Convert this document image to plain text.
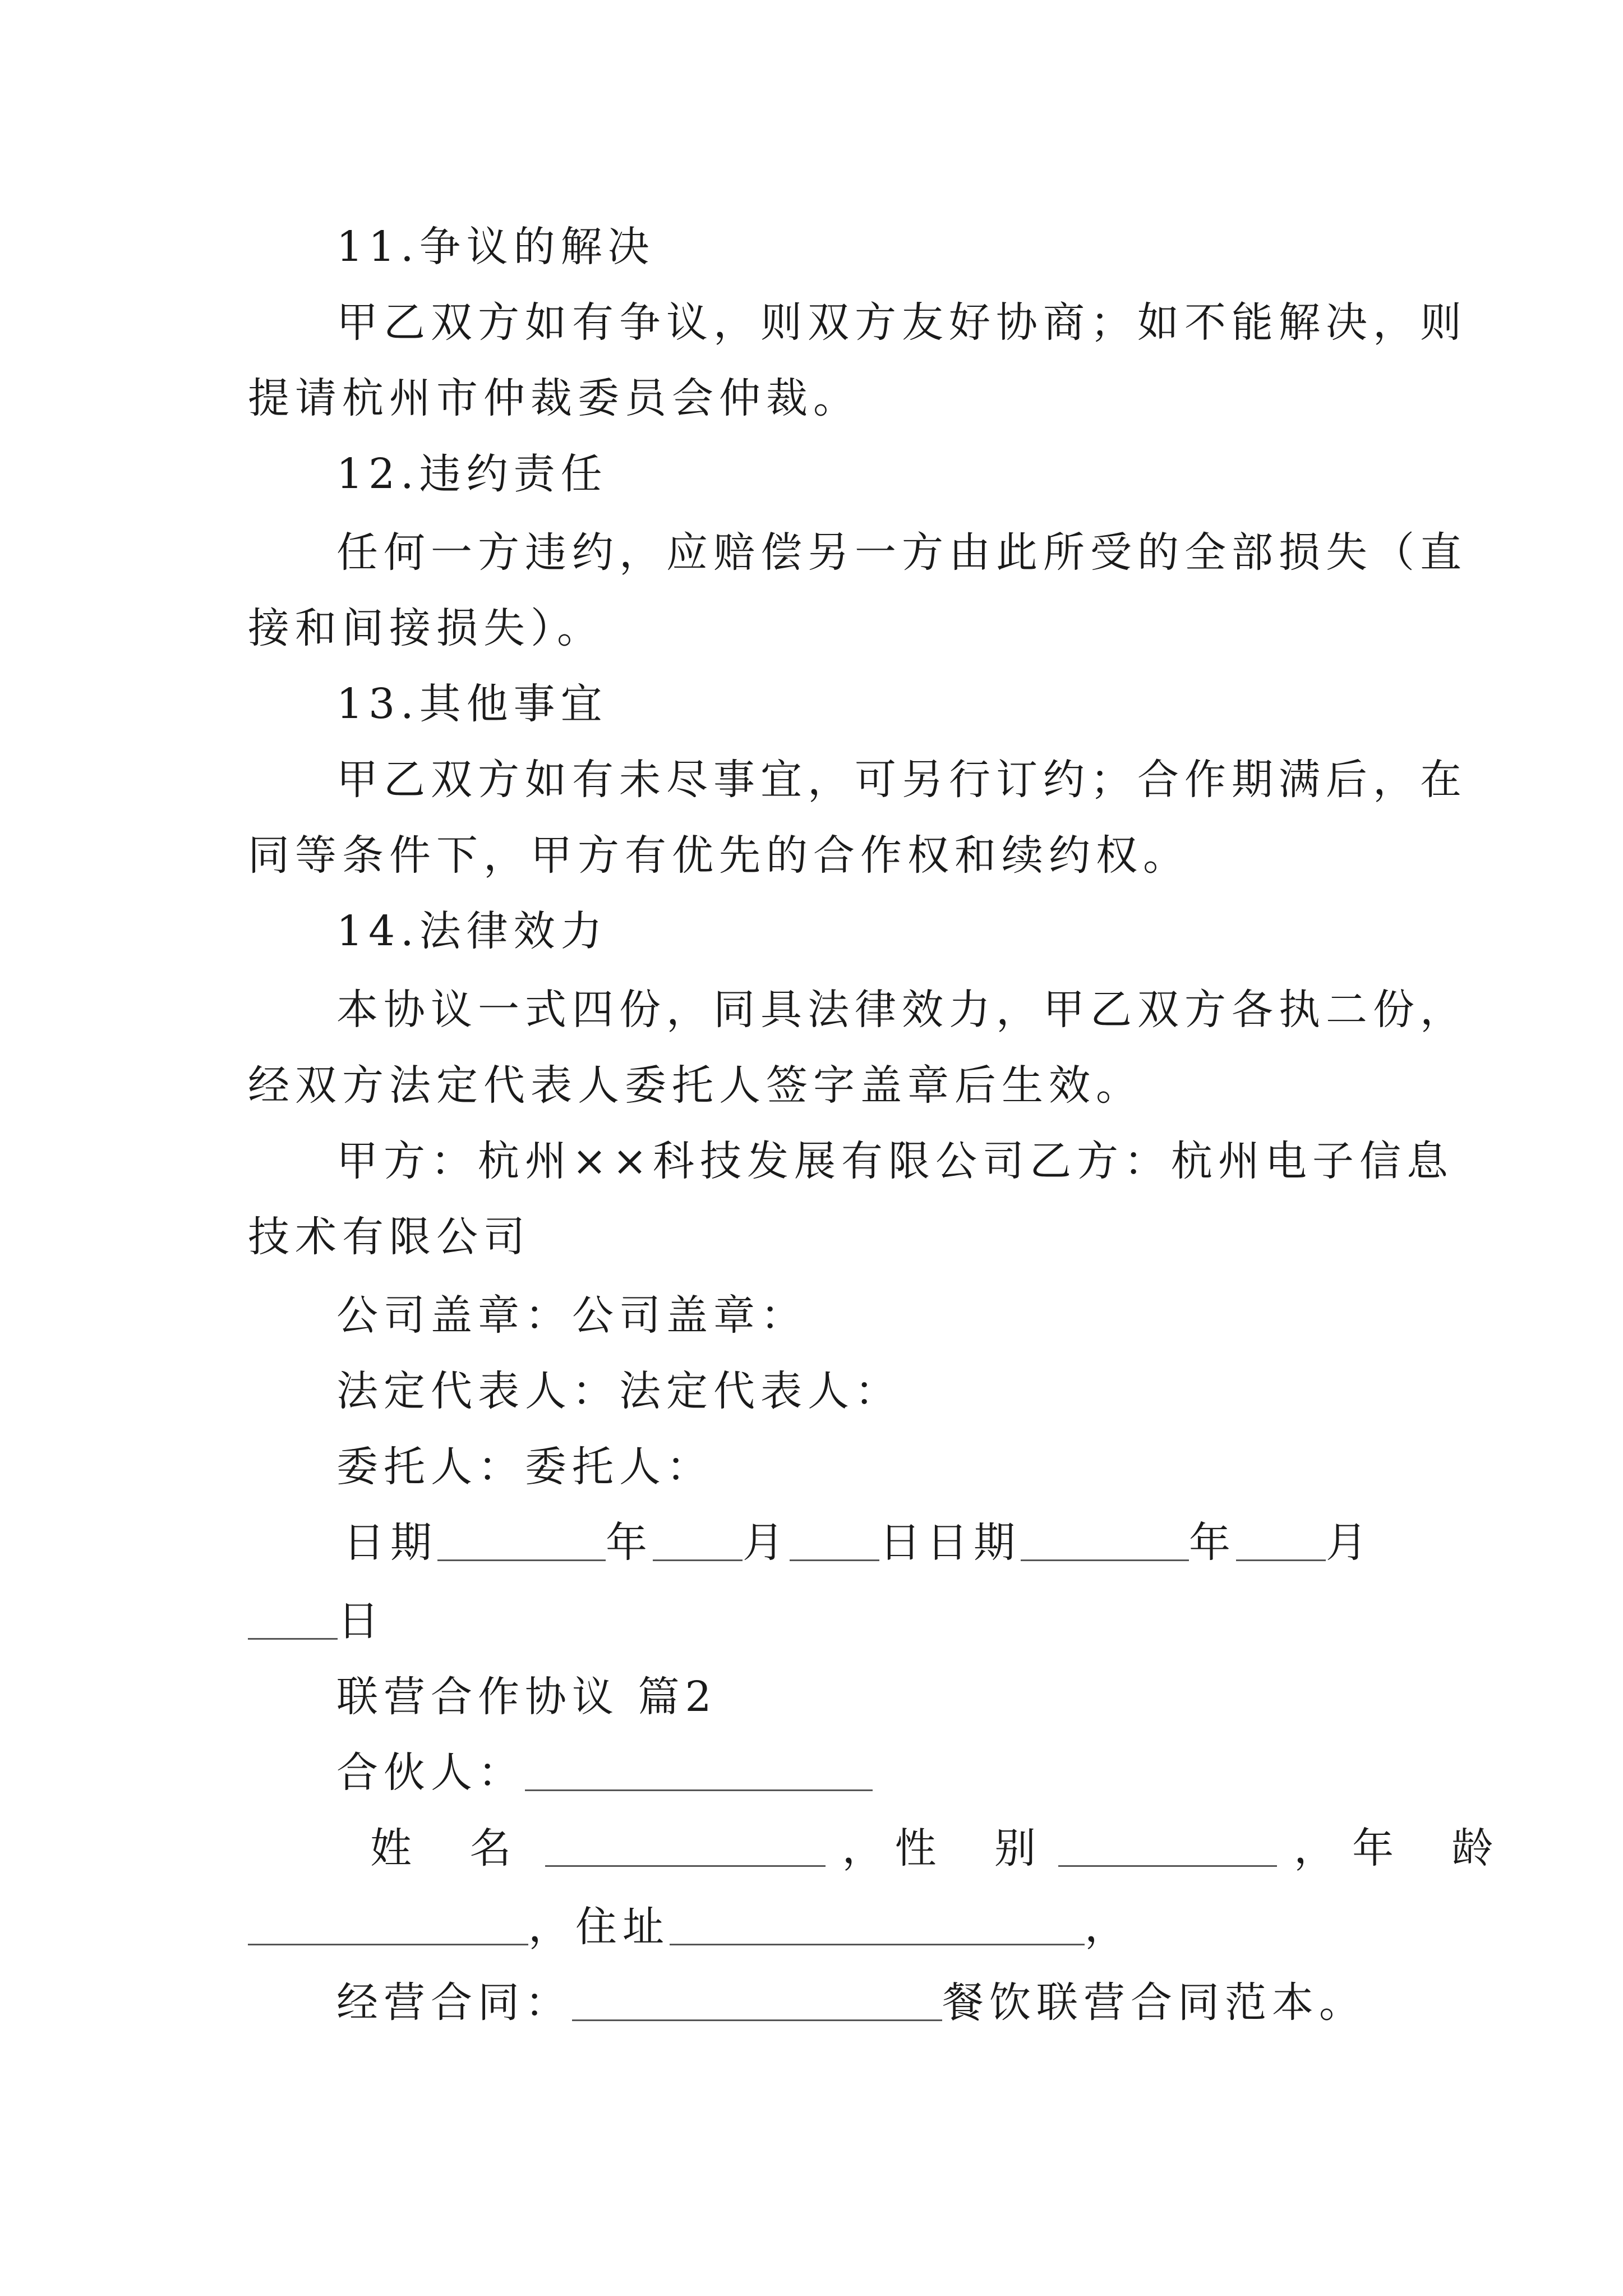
11.争议的解决
甲乙双方如有争议，则双方友好协商；如不能解决，则
提请杭州市仲裁委员会仲裁。
12.违约责任
任何一方违约，应赔偿另一方由此所受的全部损失（直
接和间接损失）。
13.其他事宜
甲乙双方如有未尽事宜，可另行订约；合作期满后，在
同等条件下，甲方有优先的合作权和续约权。
14.法律效力
本协议一式四份，同具法律效力，甲乙双方各执二份，
经双方法定代表人委托人签字盖章后生效。
甲方：杭州××科技发展有限公司乙方：杭州电子信息
技术有限公司
公司盖章：公司盖章：
法定代表人：法定代表人：
委托人：委托人：
日期	年 月 日日期	年 月
日
联营合作协议 篇2
合伙人：
姓 名	， 性 别	， 年 龄
，住址	，
经营合同：	餐饮联营合同范本。
